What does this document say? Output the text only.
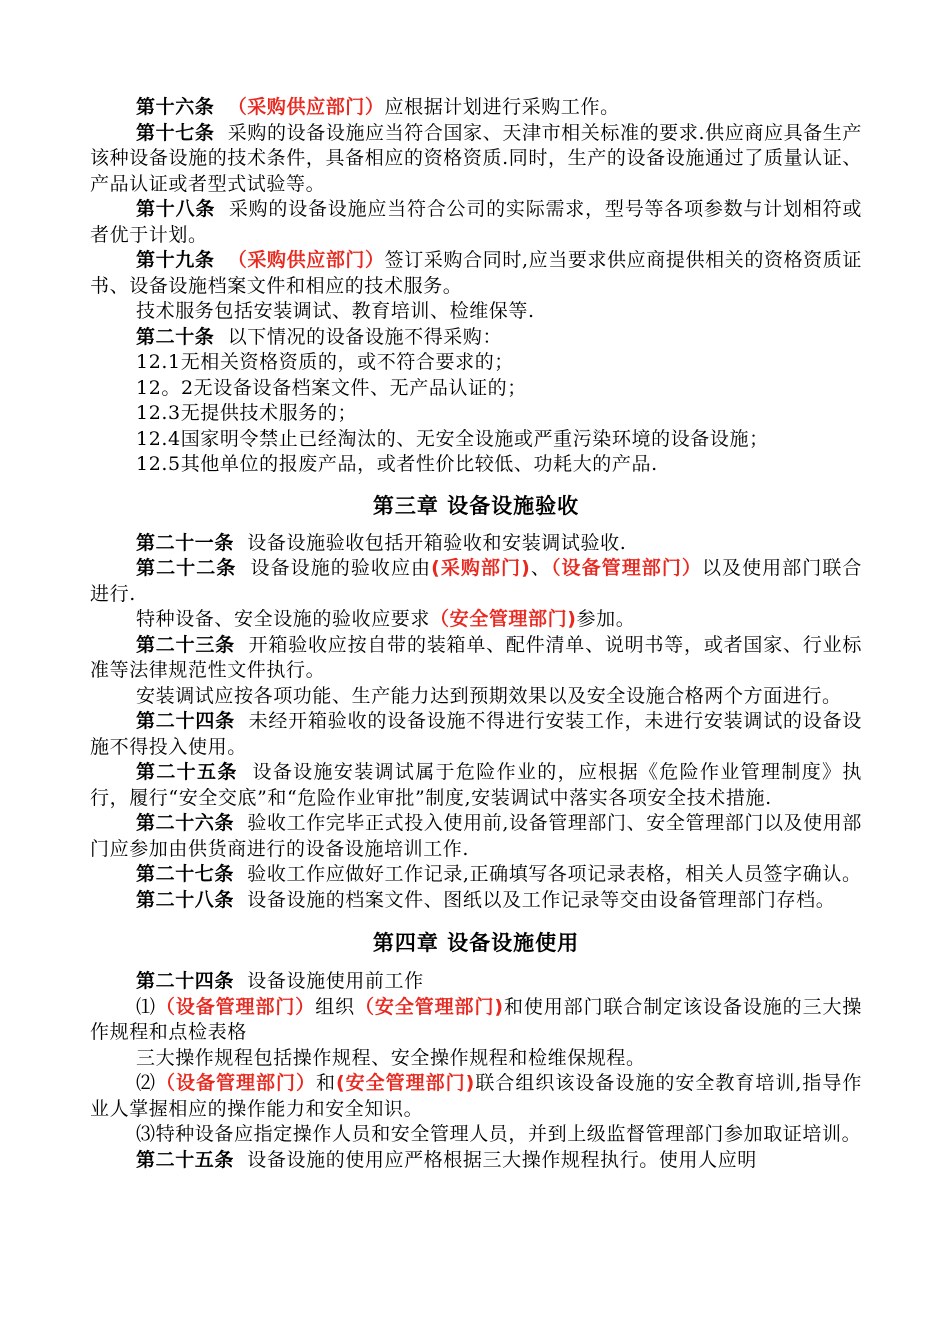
第十六条 （采购供应部门）应根据计划进行采购工作。

第十七条 采购的设备设施应当符合国家、天津市相关标准的要求.供应商应具备生产该种设备设施的技术条件，具备相应的资格资质.同时，生产的设备设施通过了质量认证、产品认证或者型式试验等。

第十八条 采购的设备设施应当符合公司的实际需求，型号等各项参数与计划相符或者优于计划。

第十九条 （采购供应部门）签订采购合同时,应当要求供应商提供相关的资格资质证书、设备设施档案文件和相应的技术服务。

技术服务包括安装调试、教育培训、检维保等.

第二十条 以下情况的设备设施不得采购：

12.1无相关资格资质的，或不符合要求的；

12。2无设备设备档案文件、无产品认证的；

12.3无提供技术服务的；

12.4国家明令禁止已经淘汰的、无安全设施或严重污染环境的设备设施；

12.5其他单位的报废产品，或者性价比较低、功耗大的产品.

第三章 设备设施验收

第二十一条 设备设施验收包括开箱验收和安装调试验收.

第二十二条 设备设施的验收应由(采购部门)、（设备管理部门）以及使用部门联合进行.

特种设备、安全设施的验收应要求（安全管理部门)参加。

第二十三条 开箱验收应按自带的装箱单、配件清单、说明书等，或者国家、行业标准等法律规范性文件执行。

安装调试应按各项功能、生产能力达到预期效果以及安全设施合格两个方面进行。

第二十四条 未经开箱验收的设备设施不得进行安装工作，未进行安装调试的设备设施不得投入使用。

第二十五条 设备设施安装调试属于危险作业的，应根据《危险作业管理制度》执行，履行“安全交底”和“危险作业审批”制度,安装调试中落实各项安全技术措施.

第二十六条 验收工作完毕正式投入使用前,设备管理部门、安全管理部门以及使用部门应参加由供货商进行的设备设施培训工作.

第二十七条 验收工作应做好工作记录,正确填写各项记录表格，相关人员签字确认。

第二十八条 设备设施的档案文件、图纸以及工作记录等交由设备管理部门存档。

第四章 设备设施使用

第二十四条 设备设施使用前工作

⑴（设备管理部门）组织（安全管理部门)和使用部门联合制定该设备设施的三大操作规程和点检表格

三大操作规程包括操作规程、安全操作规程和检维保规程。

⑵（设备管理部门）和(安全管理部门)联合组织该设备设施的安全教育培训,指导作业人掌握相应的操作能力和安全知识。

⑶特种设备应指定操作人员和安全管理人员，并到上级监督管理部门参加取证培训。

第二十五条 设备设施的使用应严格根据三大操作规程执行。使用人应明
